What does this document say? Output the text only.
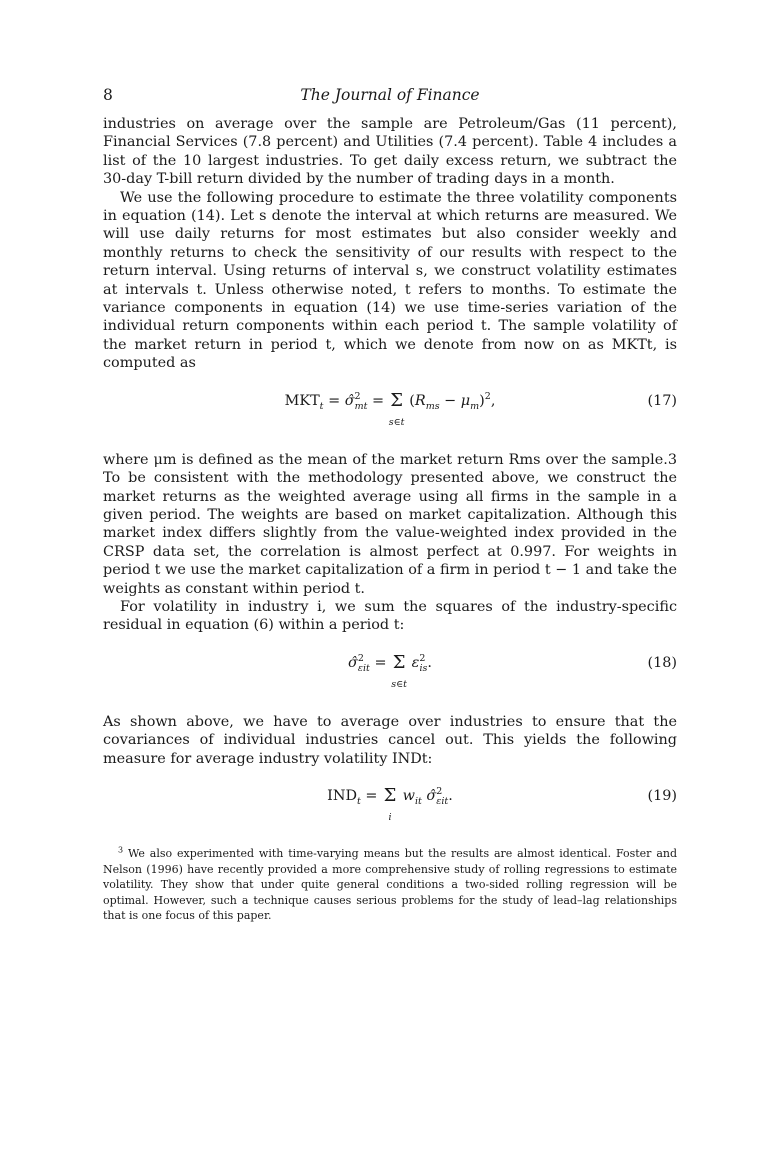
8	The Journal of Finance

industries on average over the sample are Petroleum/Gas (11 percent), Financial Services (7.8 percent) and Utilities (7.4 percent). Table 4 includes a list of the 10 largest industries. To get daily excess return, we subtract the 30-day T-bill return divided by the number of trading days in a month.

We use the following procedure to estimate the three volatility components in equation (14). Let s denote the interval at which returns are measured. We will use daily returns for most estimates but also consider weekly and monthly returns to check the sensitivity of our results with respect to the return interval. Using returns of interval s, we construct volatility estimates at intervals t. Unless otherwise noted, t refers to months. To estimate the variance components in equation (14) we use time-series variation of the individual return components within each period t. The sample volatility of the market return in period t, which we denote from now on as MKTt, is computed as

$MKT_t$ = σ̂$^2_{mt}$ = Σ
s∈t
$(R_{ms} - \mu_m)^2$,	(17)

where μm is defined as the mean of the market return Rms over the sample.3 To be consistent with the methodology presented above, we construct the market returns as the weighted average using all firms in the sample in a given period. The weights are based on market capitalization. Although this market index differs slightly from the value-weighted index provided in the CRSP data set, the correlation is almost perfect at 0.997. For weights in period t we use the market capitalization of a firm in period t − 1 and take the weights as constant within period t.

For volatility in industry i, we sum the squares of the industry-specific residual in equation (6) within a period t:

σ̂$^2_{\varepsilon it}$ = Σ
s∈t
$\varepsilon^2_{is}$.	(18)

As shown above, we have to average over industries to ensure that the covariances of individual industries cancel out. This yields the following measure for average industry volatility INDt:

$IND_t = \Sigma$
i
$w_{it}$ σ̂$^2_{\varepsilon it}$.	(19)
$^3$ We also experimented with time-varying means but the results are almost identical. Foster and Nelson (1996) have recently provided a more comprehensive study of rolling regressions to estimate volatility. They show that under quite general conditions a two-sided rolling regression will be optimal. However, such a technique causes serious problems for the study of lead–lag relationships that is one focus of this paper.
